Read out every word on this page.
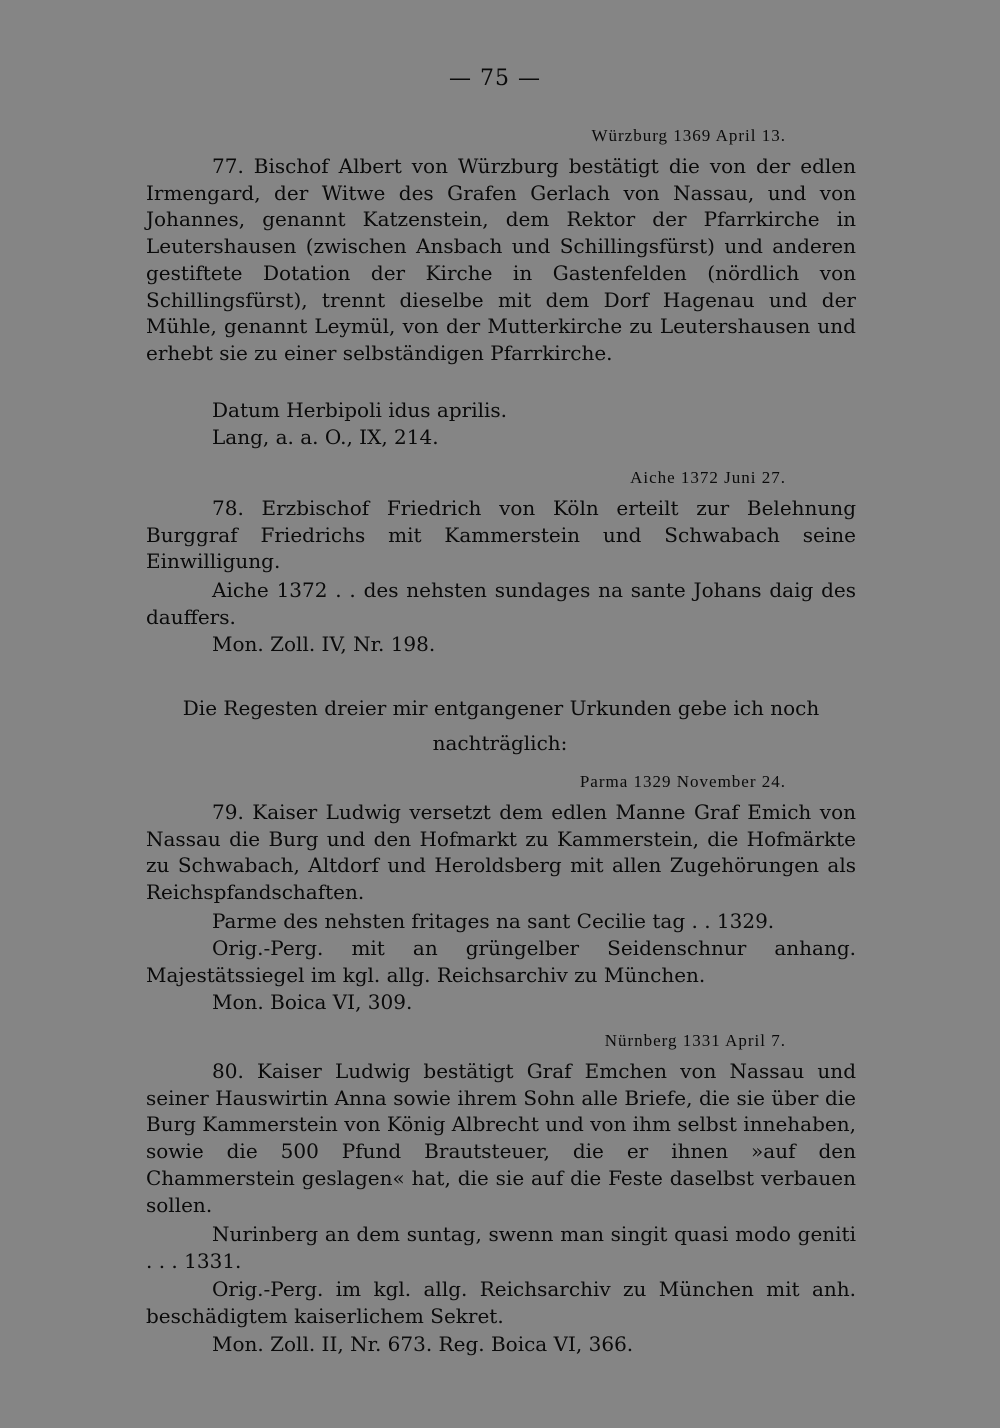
— 75 —
Würzburg 1369 April 13.
77. Bischof Albert von Würzburg bestätigt die von der edlen Irmengard, der Witwe des Grafen Gerlach von Nassau, und von Johannes, genannt Katzenstein, dem Rektor der Pfarrkirche in Leutershausen (zwischen Ansbach und Schillingsfürst) und anderen gestiftete Dotation der Kirche in Gastenfelden (nördlich von Schillingsfürst), trennt dieselbe mit dem Dorf Hagenau und der Mühle, genannt Leymül, von der Mutterkirche zu Leutershausen und erhebt sie zu einer selbständigen Pfarrkirche.
Datum Herbipoli idus aprilis.
Lang, a. a. O., IX, 214.
Aiche 1372 Juni 27.
78. Erzbischof Friedrich von Köln erteilt zur Belehnung Burggraf Friedrichs mit Kammerstein und Schwabach seine Einwilligung.
Aiche 1372 . . des nehsten sundages na sante Johans daig des dauffers.
Mon. Zoll. IV, Nr. 198.
Die Regesten dreier mir entgangener Urkunden gebe ich noch
nachträglich:
Parma 1329 November 24.
79. Kaiser Ludwig versetzt dem edlen Manne Graf Emich von Nassau die Burg und den Hofmarkt zu Kammerstein, die Hofmärkte zu Schwabach, Altdorf und Heroldsberg mit allen Zugehörungen als Reichspfandschaften.
Parme des nehsten fritages na sant Cecilie tag . . 1329.
Orig.-Perg. mit an grüngelber Seidenschnur anhang. Majestätssiegel im kgl. allg. Reichsarchiv zu München.
Mon. Boica VI, 309.
Nürnberg 1331 April 7.
80. Kaiser Ludwig bestätigt Graf Emchen von Nassau und seiner Hauswirtin Anna sowie ihrem Sohn alle Briefe, die sie über die Burg Kammerstein von König Albrecht und von ihm selbst innehaben, sowie die 500 Pfund Brautsteuer, die er ihnen »auf den Chammerstein geslagen« hat, die sie auf die Feste daselbst verbauen sollen.
Nurinberg an dem suntag, swenn man singit quasi modo geniti . . . 1331.
Orig.-Perg. im kgl. allg. Reichsarchiv zu München mit anh. beschädigtem kaiserlichem Sekret.
Mon. Zoll. II, Nr. 673. Reg. Boica VI, 366.
